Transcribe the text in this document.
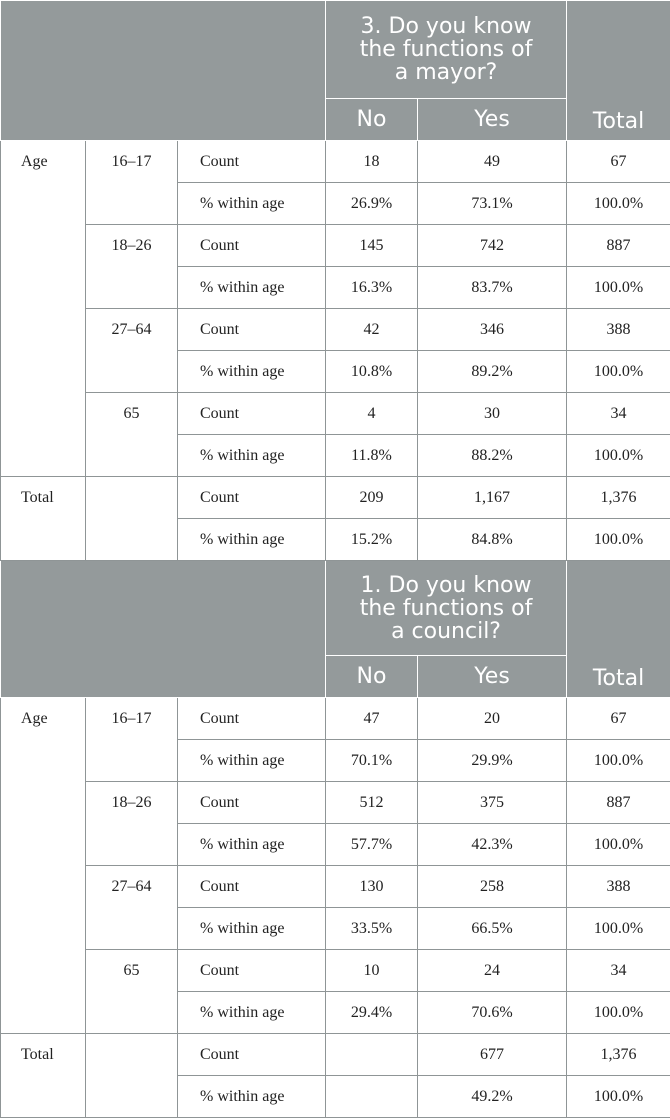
			3. Do you know
the functions of
a mayor?		Total
			No	Yes	
Age	16–17	Count	18	49	67
		% within age	26.9%	73.1%	100.0%
	18–26	Count	145	742	887
		% within age	16.3%	83.7%	100.0%
	27–64	Count	42	346	388
		% within age	10.8%	89.2%	100.0%
	65	Count	4	30	34
		% within age	11.8%	88.2%	100.0%
Total		Count	209	1,167	1,376
		% within age	15.2%	84.8%	100.0%

			1. Do you know
the functions of
a council?		Total
			No	Yes	
Age	16–17	Count	47	20	67
		% within age	70.1%	29.9%	100.0%
	18–26	Count	512	375	887
		% within age	57.7%	42.3%	100.0%
	27–64	Count	130	258	388
		% within age	33.5%	66.5%	100.0%
	65	Count	10	24	34
		% within age	29.4%	70.6%	100.0%
Total		Count		677	1,376
		% within age		49.2%	100.0%
